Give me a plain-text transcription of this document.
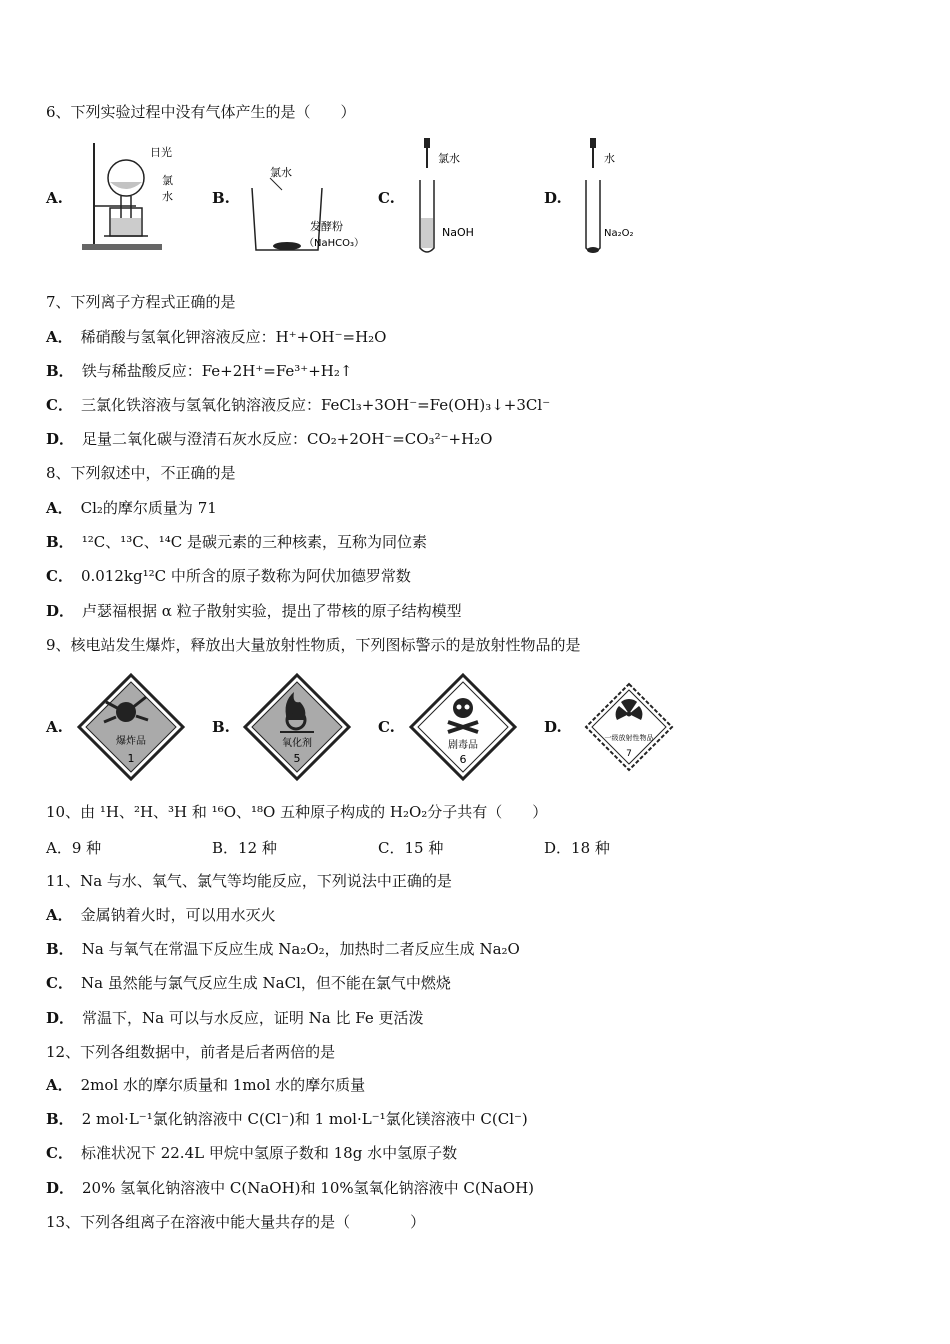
6、下列实验过程中没有气体产生的是（　　）
A.
日光
氯
水	B.
氯水
发酵粉
（NaHCO₃）
C.
氯水
NaOH
D.
水
Na₂O₂
7、下列离子方程式正确的是
A． 稀硝酸与氢氧化钾溶液反应：H⁺+OH⁻=H₂O
B． 铁与稀盐酸反应：Fe+2H⁺=Fe³⁺+H₂↑
C． 三氯化铁溶液与氢氧化钠溶液反应：FeCl₃+3OH⁻=Fe(OH)₃↓+3Cl⁻
D． 足量二氧化碳与澄清石灰水反应：CO₂+2OH⁻=CO₃²⁻+H₂O
8、下列叙述中，不正确的是
A． Cl₂的摩尔质量为 71
B． ¹²C、¹³C、¹⁴C 是碳元素的三种核素，互称为同位素
C． 0.012kg¹²C 中所含的原子数称为阿伏加德罗常数
D． 卢瑟福根据 α 粒子散射实验，提出了带核的原子结构模型
9、核电站发生爆炸，释放出大量放射性物质，下列图标警示的是放射性物品的是
A.
爆炸品
1
B.
氧化剂
5
C.
剧毒品
6
D.
一级放射性物品
7
10、由 ¹H、²H、³H 和 ¹⁶O、¹⁸O 五种原子构成的 H₂O₂分子共有（　　）
A．9 种	B．12 种	C．15 种	D．18 种
11、Na 与水、氧气、氯气等均能反应，下列说法中正确的是
A． 金属钠着火时，可以用水灭火
B． Na 与氧气在常温下反应生成 Na₂O₂，加热时二者反应生成 Na₂O
C． Na 虽然能与氯气反应生成 NaCl，但不能在氯气中燃烧
D． 常温下，Na 可以与水反应，证明 Na 比 Fe 更活泼
12、下列各组数据中，前者是后者两倍的是
A． 2mol 水的摩尔质量和 1mol 水的摩尔质量
B． 2 mol·L⁻¹氯化钠溶液中 C(Cl⁻)和 1 mol·L⁻¹氯化镁溶液中 C(Cl⁻)
C． 标准状况下 22.4L 甲烷中氢原子数和 18g 水中氢原子数
D． 20% 氢氧化钠溶液中 C(NaOH)和 10%氢氧化钠溶液中 C(NaOH)
13、下列各组离子在溶液中能大量共存的是（　　　　）
